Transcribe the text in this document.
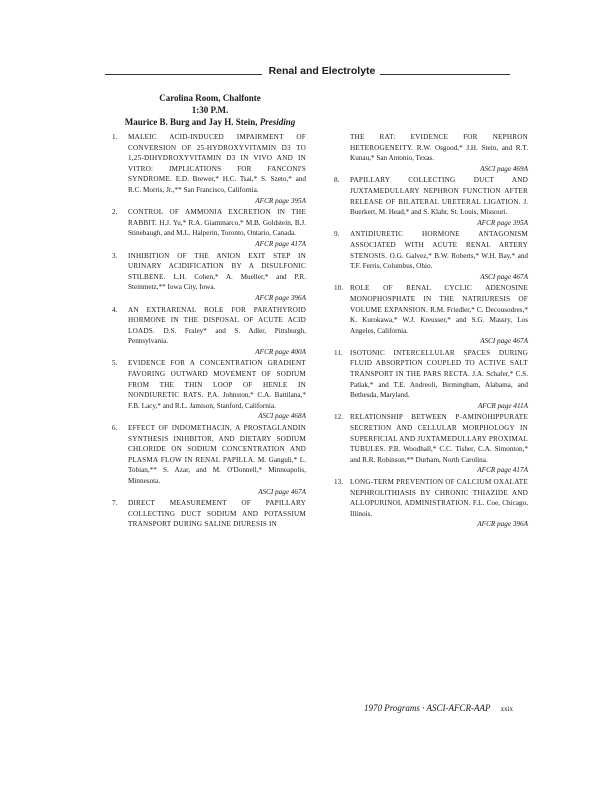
Renal and Electrolyte
Carolina Room, Chalfonte
1:30 P.M.
Maurice B. Burg and Jay H. Stein, Presiding
1. MALEIC ACID-INDUCED IMPAIRMENT OF CONVERSION OF 25-HYDROXYVITAMIN D3 TO 1,25-DIHYDROXYVITAMIN D3 IN VIVO AND IN VITRO: IMPLICATIONS FOR FANCONI'S SYNDROME. E.D. Brewer,* H.C. Tsai,* S. Szeto,* and R.C. Morris, Jr.,** San Francisco, California.
AFCR page 395A
2. CONTROL OF AMMONIA EXCRETION IN THE RABBIT. H.J. Yu,* R.A. Giammarco,* M.B. Goldstein, B.J. Stinebaugh, and M.L. Halperin, Toronto, Ontario, Canada.
AFCR page 417A
3. INHIBITION OF THE ANION EXIT STEP IN URINARY ACIDIFICATION BY A DISULFONIC STILBENE. L.H. Cohen,* A. Mueller,* and P.R. Steinmetz,** Iowa City, Iowa.
AFCR page 396A
4. AN EXTRARENAL ROLE FOR PARATHYROID HORMONE IN THE DISPOSAL OF ACUTE ACID LOADS. D.S. Fraley* and S. Adler, Pittsburgh, Pennsylvania.
AFCR page 400A
5. EVIDENCE FOR A CONCENTRATION GRADIENT FAVORING OUTWARD MOVEMENT OF SODIUM FROM THE THIN LOOP OF HENLE IN NONDIURETIC RATS. P.A. Johnston,* C.A. Battilana,* F.B. Lacy,* and R.L. Jamison, Stanford, California.
ASCI page 468A
6. EFFECT OF INDOMETHACIN, A PROSTAGLANDIN SYNTHESIS INHIBITOR, AND DIETARY SODIUM CHLORIDE ON SODIUM CONCENTRATION AND PLASMA FLOW IN RENAL PAPILLA. M. Ganguli,* L. Tobian,** S. Azar, and M. O'Donnell,* Minneapolis, Minnesota.
ASCI page 467A
7. DIRECT MEASUREMENT OF PAPILLARY COLLECTING DUCT SODIUM AND POTASSIUM TRANSPORT DURING SALINE DIURESIS IN
THE RAT: EVIDENCE FOR NEPHRON HETEROGENEITY. R.W. Osgood,* J.H. Stein, and R.T. Kunau,* San Antonio, Texas.
ASCI page 469A
8. PAPILLARY COLLECTING DUCT AND JUXTAMEDULLARY NEPHRON FUNCTION AFTER RELEASE OF BILATERAL URETERAL LIGATION. J. Buerkert, M. Head,* and S. Klahr, St. Louis, Missouri.
AFCR page 395A
9. ANTIDIURETIC HORMONE ANTAGONISM ASSOCIATED WITH ACUTE RENAL ARTERY STENOSIS. O.G. Galvez,* B.W. Roberts,* W.H. Bay,* and T.F. Ferris, Columbus, Ohio.
ASCI page 467A
10. ROLE OF RENAL CYCLIC ADENOSINE MONOPHOSPHATE IN THE NATRIURESIS OF VOLUME EXPANSION. R.M. Friedler,* C. Decousodres,* K. Kurokawa,* W.J. Kreusser,* and S.G. Massry, Los Angeles, California.
ASCI page 467A
11. ISOTONIC INTERCELLULAR SPACES DURING FLUID ABSORPTION COUPLED TO ACTIVE SALT TRANSPORT IN THE PARS RECTA. J.A. Schafer,* C.S. Patlak,* and T.E. Andreoli, Birmingham, Alabama, and Bethesda, Maryland.
AFCR page 411A
12. RELATIONSHIP BETWEEN P-AMINOHIPPURATE SECRETION AND CELLULAR MORPHOLOGY IN SUPERFICIAL AND JUXTAMEDULLARY PROXIMAL TUBULES. P.B. Woodhall,* C.C. Tisher, C.A. Simonton,* and R.R. Robinson,** Durham, North Carolina.
AFCR page 417A
13. LONG-TERM PREVENTION OF CALCIUM OXALATE NEPHROLITHIASIS BY CHRONIC THIAZIDE AND ALLOPURINOL ADMINISTRATION. F.L. Coe, Chicago, Illinois.
AFCR page 396A
1970 Programs · ASCI-AFCR-AAP xxix
